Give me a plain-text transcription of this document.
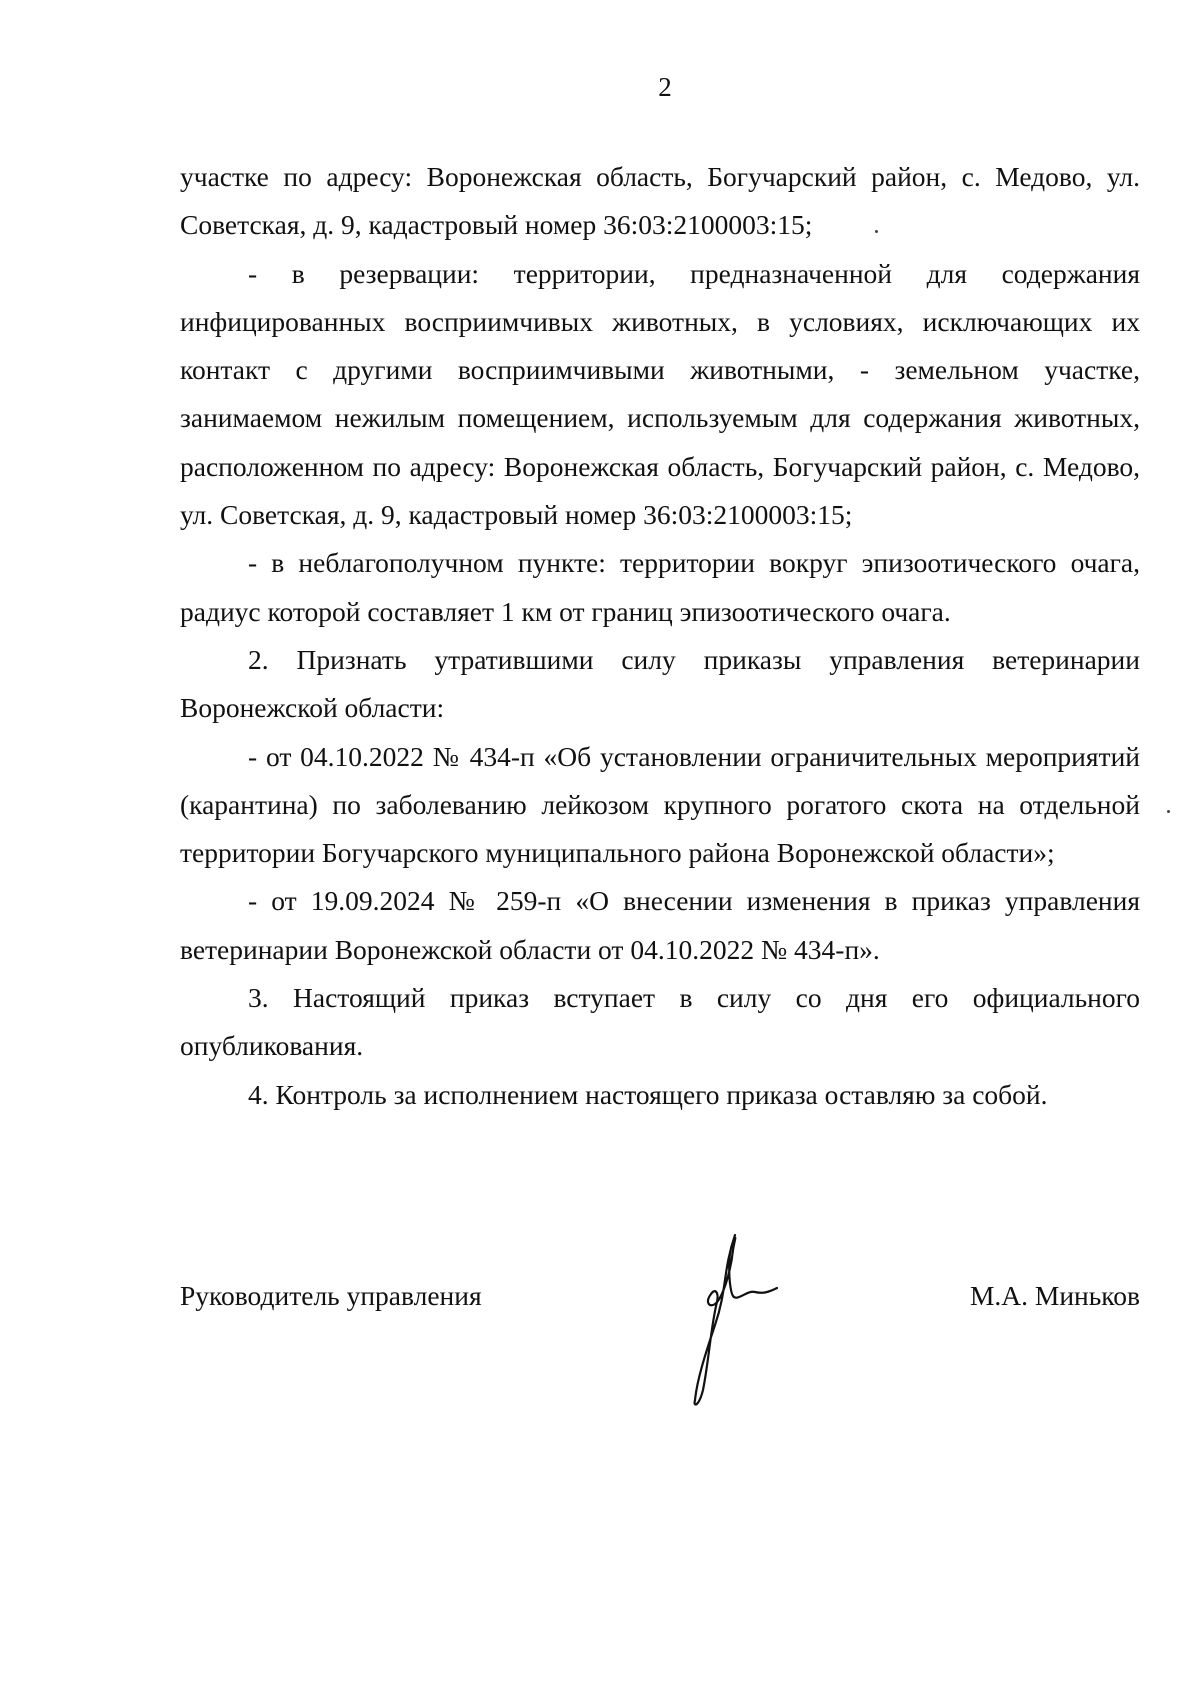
2

участке по адресу: Воронежская область, Богучарский район, с. Медово, ул. Советская, д. 9, кадастровый номер 36:03:2100003:15;

- в резервации: территории, предназначенной для содержания инфицированных восприимчивых животных, в условиях, исключающих их контакт с другими восприимчивыми животными, - земельном участке, занимаемом нежилым помещением, используемым для содержания животных, расположенном по адресу: Воронежская область, Богучарский район, с. Медово, ул. Советская, д. 9, кадастровый номер 36:03:2100003:15;

- в неблагополучном пункте: территории вокруг эпизоотического очага, радиус которой составляет 1 км от границ эпизоотического очага.

2. Признать утратившими силу приказы управления ветеринарии Воронежской области:

- от 04.10.2022 № 434-п «Об установлении ограничительных мероприятий (карантина) по заболеванию лейкозом крупного рогатого скота на отдельной территории Богучарского муниципального района Воронежской области»;

- от 19.09.2024 № 259-п «О внесении изменения в приказ управления ветеринарии Воронежской области от 04.10.2022 № 434-п».

3. Настоящий приказ вступает в силу со дня его официального опубликования.

4. Контроль за исполнением настоящего приказа оставляю за собой.

Руководитель управления	М.А. Миньков
